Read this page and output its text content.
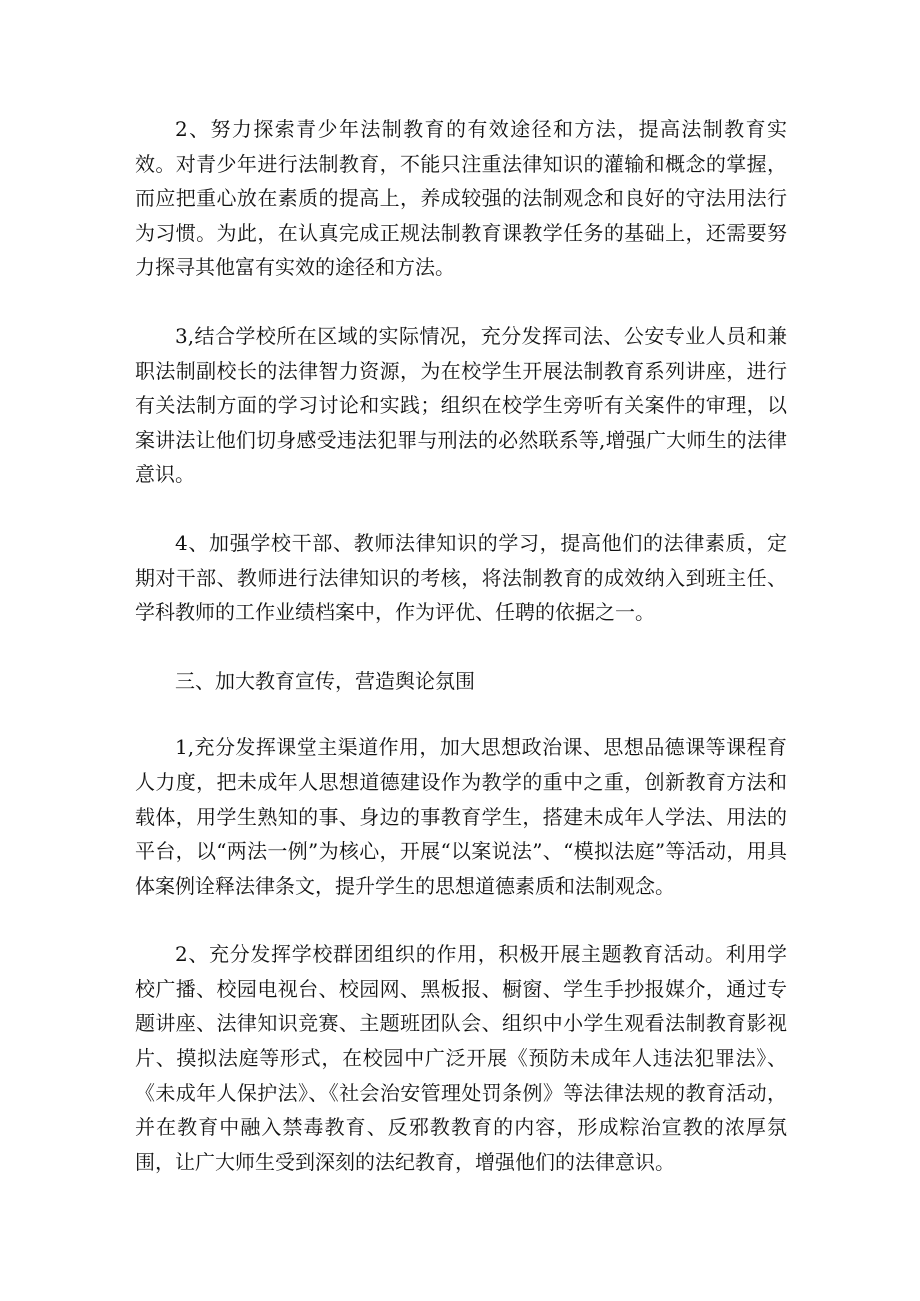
2、努力探索青少年法制教育的有效途径和方法，提高法制教育实效。对青少年进行法制教育，不能只注重法律知识的灌输和概念的掌握，而应把重心放在素质的提高上，养成较强的法制观念和良好的守法用法行为习惯。为此，在认真完成正规法制教育课教学任务的基础上，还需要努力探寻其他富有实效的途径和方法。

3,结合学校所在区域的实际情况，充分发挥司法、公安专业人员和兼职法制副校长的法律智力资源，为在校学生开展法制教育系列讲座，进行有关法制方面的学习讨论和实践；组织在校学生旁听有关案件的审理，以案讲法让他们切身感受违法犯罪与刑法的必然联系等,增强广大师生的法律意识。

4、加强学校干部、教师法律知识的学习，提高他们的法律素质，定期对干部、教师进行法律知识的考核，将法制教育的成效纳入到班主任、学科教师的工作业绩档案中，作为评优、任聘的依据之一。

三、加大教育宣传，营造舆论氛围

1,充分发挥课堂主渠道作用，加大思想政治课、思想品德课等课程育人力度，把未成年人思想道德建设作为教学的重中之重，创新教育方法和载体，用学生熟知的事、身边的事教育学生，搭建未成年人学法、用法的平台，以“两法一例”为核心，开展“以案说法”、“模拟法庭”等活动，用具体案例诠释法律条文，提升学生的思想道德素质和法制观念。

2、充分发挥学校群团组织的作用，积极开展主题教育活动。利用学校广播、校园电视台、校园网、黑板报、橱窗、学生手抄报媒介，通过专题讲座、法律知识竞赛、主题班团队会、组织中小学生观看法制教育影视片、摸拟法庭等形式，在校园中广泛开展《预防未成年人违法犯罪法》、《未成年人保护法》、《社会治安管理处罚条例》等法律法规的教育活动，并在教育中融入禁毒教育、反邪教教育的内容，形成粽治宣教的浓厚氛围，让广大师生受到深刻的法纪教育，增强他们的法律意识。
